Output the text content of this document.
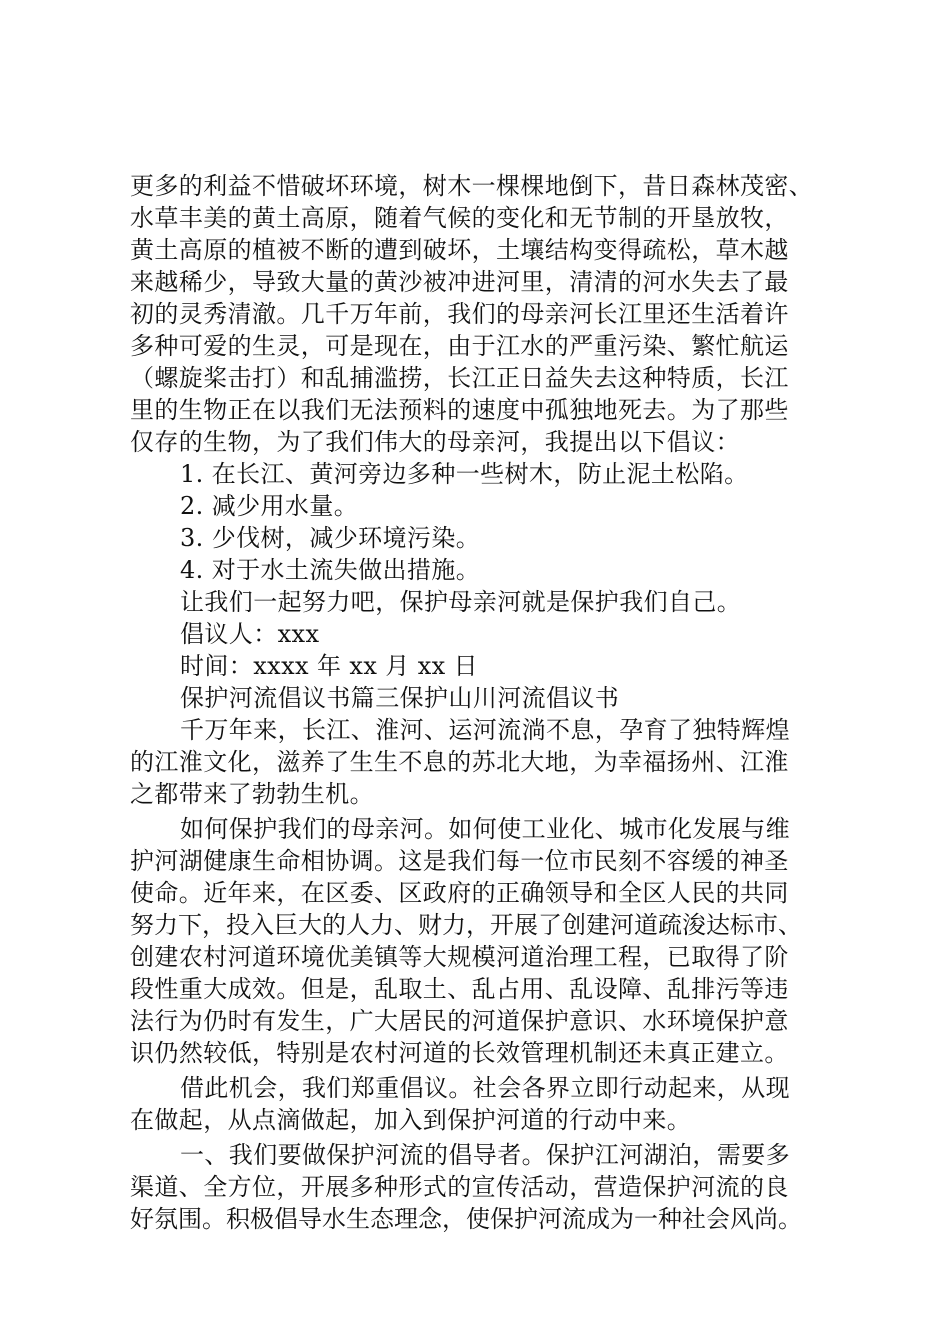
更多的利益不惜破坏环境，树木一棵棵地倒下，昔日森林茂密、
水草丰美的黄土高原，随着气候的变化和无节制的开垦放牧，
黄土高原的植被不断的遭到破坏，土壤结构变得疏松，草木越
来越稀少，导致大量的黄沙被冲进河里，清清的河水失去了最
初的灵秀清澈。几千万年前，我们的母亲河长江里还生活着许
多种可爱的生灵，可是现在，由于江水的严重污染、繁忙航运
（螺旋桨击打）和乱捕滥捞，长江正日益失去这种特质，长江
里的生物正在以我们无法预料的速度中孤独地死去。为了那些
仅存的生物，为了我们伟大的母亲河，我提出以下倡议：
1. 在长江、黄河旁边多种一些树木，防止泥土松陷。
2. 减少用水量。
3. 少伐树，减少环境污染。
4. 对于水土流失做出措施。
让我们一起努力吧，保护母亲河就是保护我们自己。
倡议人：xxx
时间：xxxx 年 xx 月 xx 日
保护河流倡议书篇三保护山川河流倡议书
千万年来，长江、淮河、运河流淌不息，孕育了独特辉煌
的江淮文化，滋养了生生不息的苏北大地，为幸福扬州、江淮
之都带来了勃勃生机。
如何保护我们的母亲河。如何使工业化、城市化发展与维
护河湖健康生命相协调。这是我们每一位市民刻不容缓的神圣
使命。近年来，在区委、区政府的正确领导和全区人民的共同
努力下，投入巨大的人力、财力，开展了创建河道疏浚达标市、
创建农村河道环境优美镇等大规模河道治理工程，已取得了阶
段性重大成效。但是，乱取土、乱占用、乱设障、乱排污等违
法行为仍时有发生，广大居民的河道保护意识、水环境保护意
识仍然较低，特别是农村河道的长效管理机制还未真正建立。
借此机会，我们郑重倡议。社会各界立即行动起来，从现
在做起，从点滴做起，加入到保护河道的行动中来。
一、我们要做保护河流的倡导者。保护江河湖泊，需要多
渠道、全方位，开展多种形式的宣传活动，营造保护河流的良
好氛围。积极倡导水生态理念，使保护河流成为一种社会风尚。
